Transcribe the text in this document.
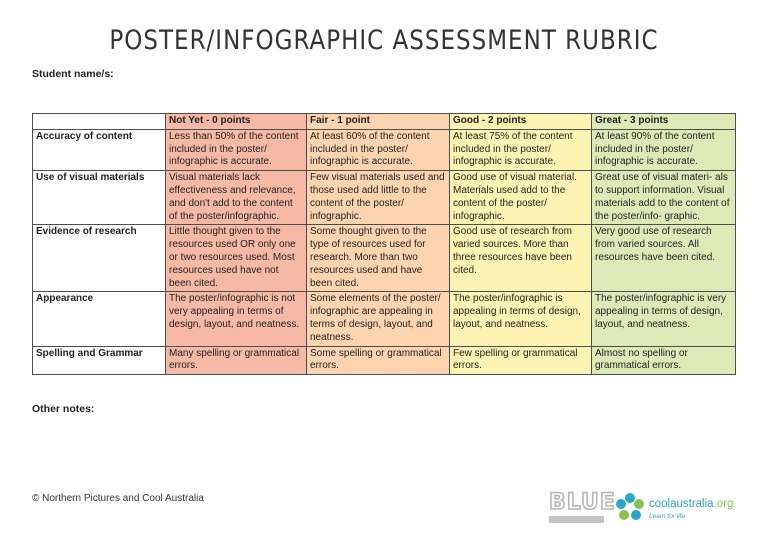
POSTER/INFOGRAPHIC ASSESSMENT RUBRIC
Student name/s:
	Not Yet - 0 points	Fair - 1 point	Good - 2 points	Great - 3 points
Accuracy of content	Less than 50% of the content included in the poster/ infographic is accurate.	At least 60% of the content included in the poster/ infographic is accurate.	At least 75% of the content included in the poster/ infographic is accurate.	At least 90% of the content included in the poster/ infographic is accurate.
Use of visual materials	Visual materials lack effectiveness and relevance, and don't add to the content of the poster/infographic.	Few visual materials used and those used add little to the content of the poster/ infographic.	Good use of visual material. Materials used add to the content of the poster/ infographic.	Great use of visual materi- als to support information. Visual materials add to the content of the poster/info- graphic.
Evidence of research	Little thought given to the resources used OR only one or two resources used. Most resources used have not been cited.	Some thought given to the type of resources used for research. More than two resources used and have been cited.	Good use of research from varied sources. More than three resources have been cited.	Very good use of research from varied sources. All resources have been cited.
Appearance	The poster/infographic is not very appealing in terms of design, layout, and neatness.	Some elements of the poster/ infographic are appealing in terms of design, layout, and neatness.	The poster/infographic is appealing in terms of design, layout, and neatness.	The poster/infographic is very appealing in terms of design, layout, and neatness.
Spelling and Grammar	Many spelling or grammatical errors.	Some spelling or grammatical errors.	Few spelling or grammatical errors.	Almost no spelling or grammatical errors.
Other notes:
© Northern Pictures and Cool Australia	BLUE	coolaustralia.org
Learn for life
